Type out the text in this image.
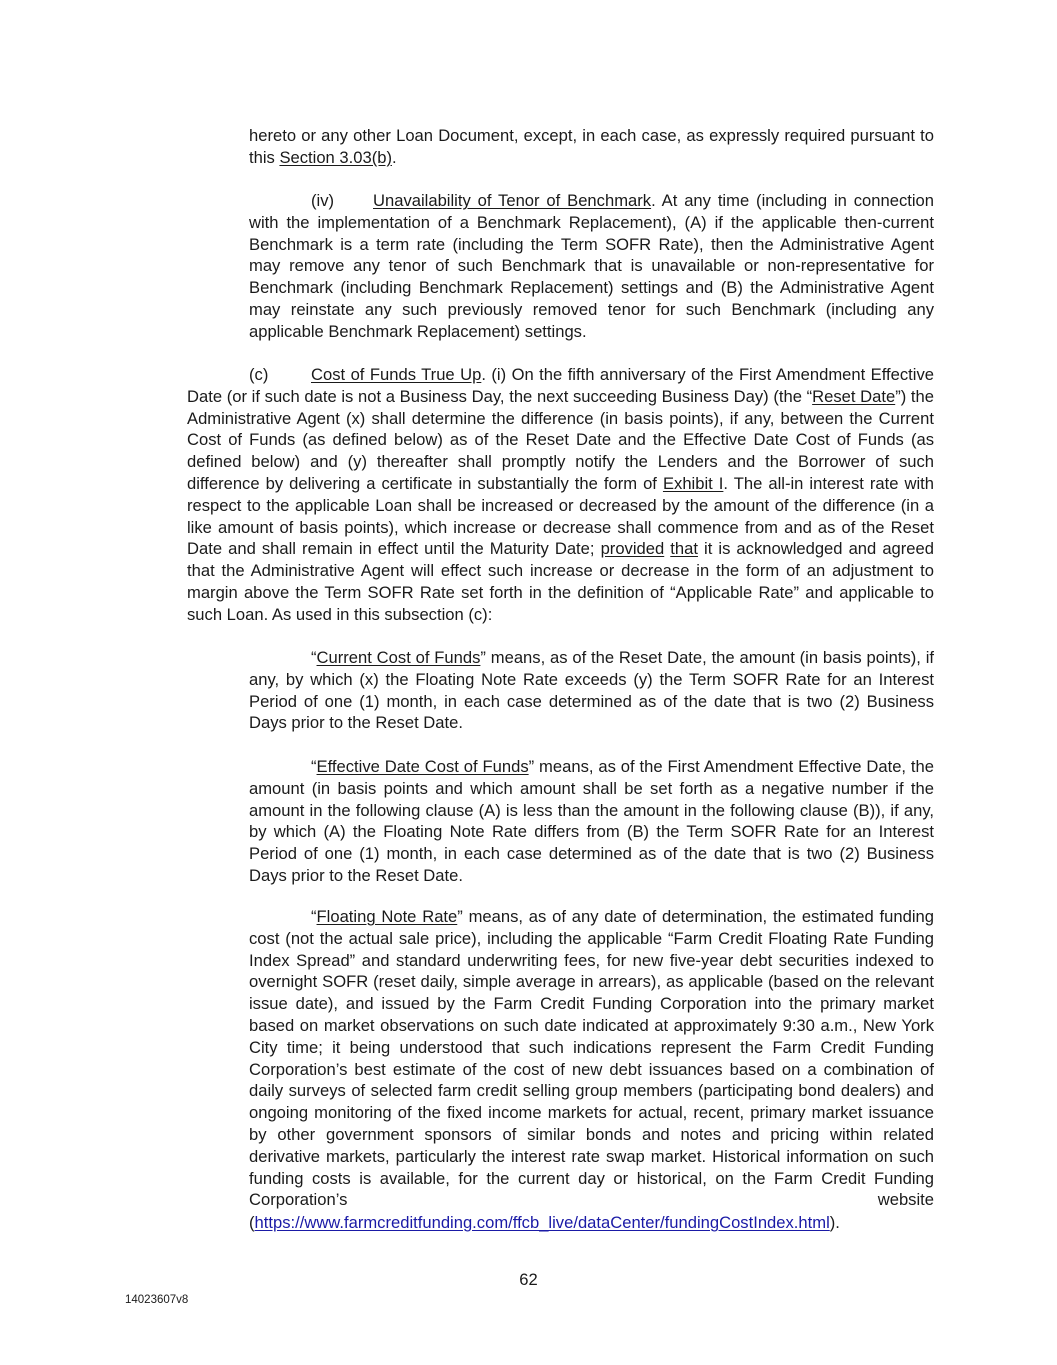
hereto or any other Loan Document, except, in each case, as expressly required pursuant to this Section 3.03(b).

(iv) Unavailability of Tenor of Benchmark. At any time (including in connection with the implementation of a Benchmark Replacement), (A) if the applicable then-current Benchmark is a term rate (including the Term SOFR Rate), then the Administrative Agent may remove any tenor of such Benchmark that is unavailable or non-representative for Benchmark (including Benchmark Replacement) settings and (B) the Administrative Agent may reinstate any such previously removed tenor for such Benchmark (including any applicable Benchmark Replacement) settings.

(c)	Cost of Funds True Up. (i) On the fifth anniversary of the First Amendment Effective Date (or if such date is not a Business Day, the next succeeding Business Day) (the “Reset Date”) the Administrative Agent (x) shall determine the difference (in basis points), if any, between the Current Cost of Funds (as defined below) as of the Reset Date and the Effective Date Cost of Funds (as defined below) and (y) thereafter shall promptly notify the Lenders and the Borrower of such difference by delivering a certificate in substantially the form of Exhibit I. The all-in interest rate with respect to the applicable Loan shall be increased or decreased by the amount of the difference (in a like amount of basis points), which increase or decrease shall commence from and as of the Reset Date and shall remain in effect until the Maturity Date; provided that it is acknowledged and agreed that the Administrative Agent will effect such increase or decrease in the form of an adjustment to margin above the Term SOFR Rate set forth in the definition of “Applicable Rate” and applicable to such Loan. As used in this subsection (c):

“Current Cost of Funds” means, as of the Reset Date, the amount (in basis points), if any, by which (x) the Floating Note Rate exceeds (y) the Term SOFR Rate for an Interest Period of one (1) month, in each case determined as of the date that is two (2) Business Days prior to the Reset Date.

“Effective Date Cost of Funds” means, as of the First Amendment Effective Date, the amount (in basis points and which amount shall be set forth as a negative number if the amount in the following clause (A) is less than the amount in the following clause (B)), if any, by which (A) the Floating Note Rate differs from (B) the Term SOFR Rate for an Interest Period of one (1) month, in each case determined as of the date that is two (2) Business Days prior to the Reset Date.

“Floating Note Rate” means, as of any date of determination, the estimated funding cost (not the actual sale price), including the applicable “Farm Credit Floating Rate Funding Index Spread” and standard underwriting fees, for new five-year debt securities indexed to overnight SOFR (reset daily, simple average in arrears), as applicable (based on the relevant issue date), and issued by the Farm Credit Funding Corporation into the primary market based on market observations on such date indicated at approximately 9:30 a.m., New York City time; it being understood that such indications represent the Farm Credit Funding Corporation’s best estimate of the cost of new debt issuances based on a combination of daily surveys of selected farm credit selling group members (participating bond dealers) and ongoing monitoring of the fixed income markets for actual, recent, primary market issuance by other government sponsors of similar bonds and notes and pricing within related derivative markets, particularly the interest rate swap market. Historical information on such funding costs is available, for the current day or historical, on the Farm Credit Funding Corporation’s website

(https://www.farmcreditfunding.com/ffcb_live/dataCenter/fundingCostIndex.html).

62
14023607v8
